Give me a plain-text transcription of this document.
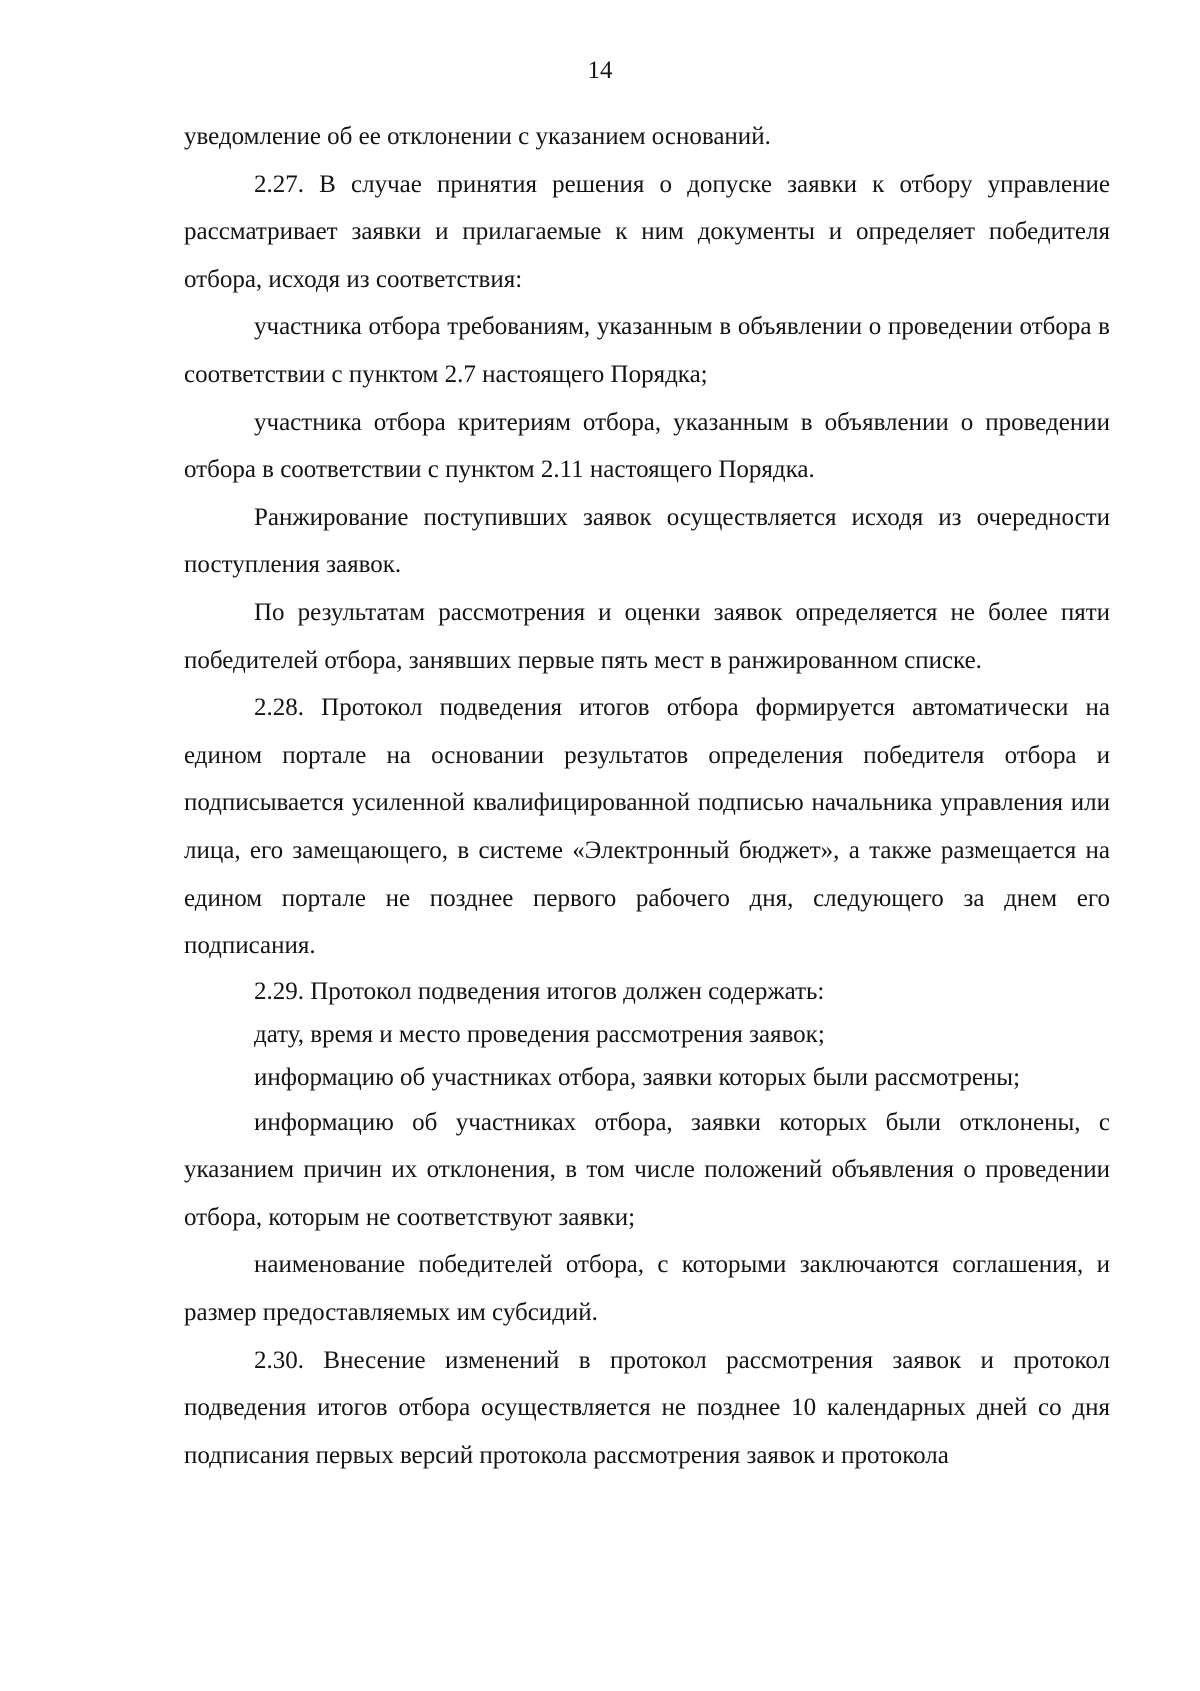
14

уведомление об ее отклонении с указанием оснований.

2.27. В случае принятия решения о допуске заявки к отбору управление рассматривает заявки и прилагаемые к ним документы и определяет победителя отбора, исходя из соответствия:

участника отбора требованиям, указанным в объявлении о проведении отбора в соответствии с пунктом 2.7 настоящего Порядка;

участника отбора критериям отбора, указанным в объявлении о проведении отбора в соответствии с пунктом 2.11 настоящего Порядка.

Ранжирование поступивших заявок осуществляется исходя из очередности поступления заявок.

По результатам рассмотрения и оценки заявок определяется не более пяти победителей отбора, занявших первые пять мест в ранжированном списке.

2.28. Протокол подведения итогов отбора формируется автоматически на едином портале на основании результатов определения победителя отбора и подписывается усиленной квалифицированной подписью начальника управления или лица, его замещающего, в системе «Электронный бюджет», а также размещается на едином портале не позднее первого рабочего дня, следующего за днем его подписания.

2.29. Протокол подведения итогов должен содержать:

дату, время и место проведения рассмотрения заявок;

информацию об участниках отбора, заявки которых были рассмотрены;

информацию об участниках отбора, заявки которых были отклонены, с указанием причин их отклонения, в том числе положений объявления о проведении отбора, которым не соответствуют заявки;

наименование победителей отбора, с которыми заключаются соглашения, и размер предоставляемых им субсидий.

2.30. Внесение изменений в протокол рассмотрения заявок и протокол подведения итогов отбора осуществляется не позднее 10 календарных дней со дня подписания первых версий протокола рассмотрения заявок и протокола
